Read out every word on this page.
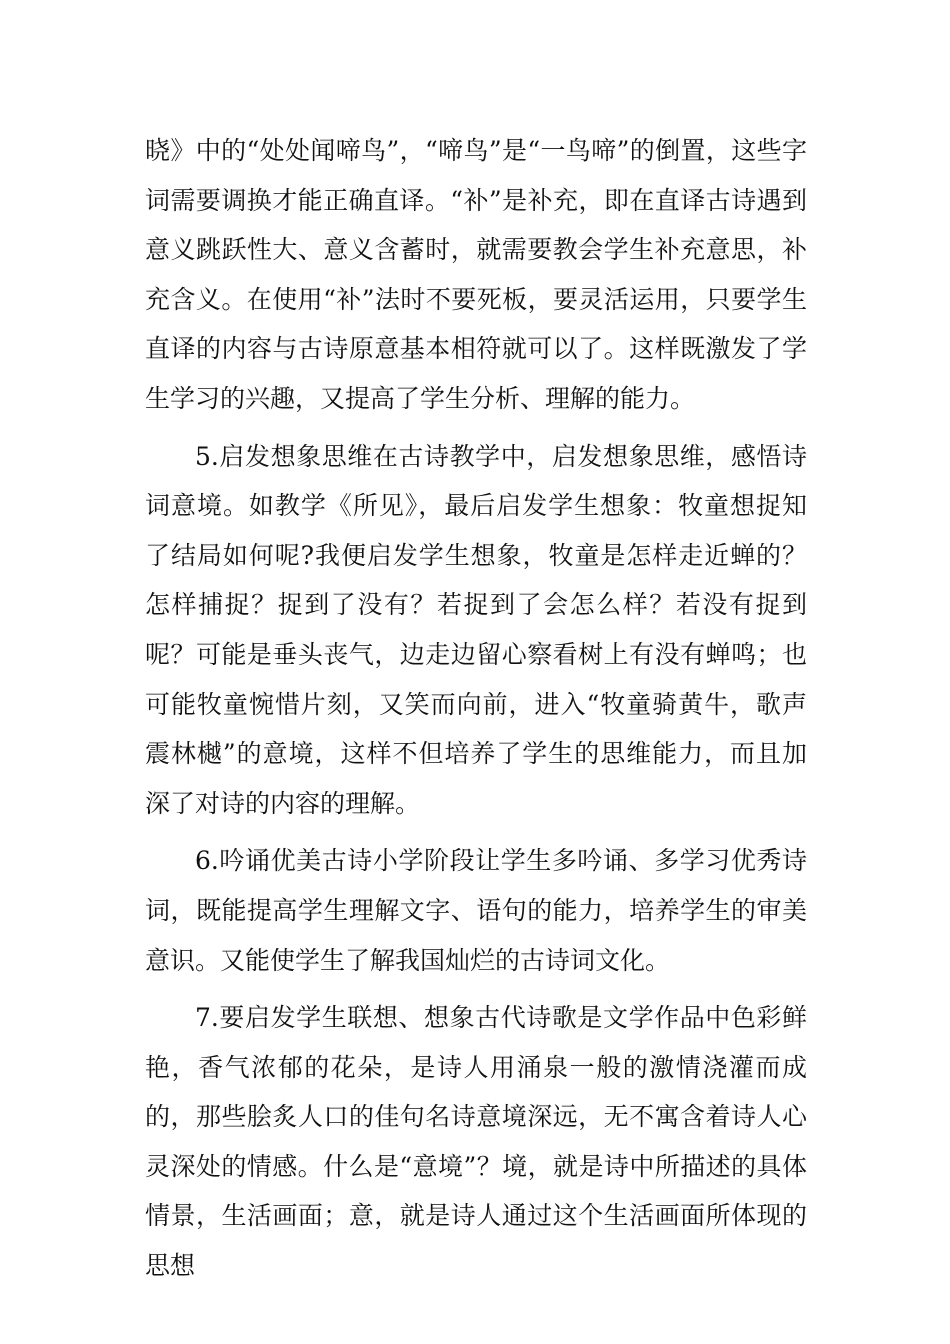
晓》中的“处处闻啼鸟”，“啼鸟”是“一鸟啼”的倒置，这些字词需要调换才能正确直译。“补”是补充，即在直译古诗遇到意义跳跃性大、意义含蓄时，就需要教会学生补充意思，补充含义。在使用“补”法时不要死板，要灵活运用，只要学生直译的内容与古诗原意基本相符就可以了。这样既激发了学生学习的兴趣，又提高了学生分析、理解的能力。

5.启发想象思维在古诗教学中，启发想象思维，感悟诗词意境。如教学《所见》，最后启发学生想象：牧童想捉知了结局如何呢?我便启发学生想象，牧童是怎样走近蝉的？怎样捕捉？捉到了没有？若捉到了会怎么样？若没有捉到呢？可能是垂头丧气，边走边留心察看树上有没有蝉鸣；也可能牧童惋惜片刻，又笑而向前，进入“牧童骑黄牛，歌声震林樾”的意境，这样不但培养了学生的思维能力，而且加深了对诗的内容的理解。

6.吟诵优美古诗小学阶段让学生多吟诵、多学习优秀诗词，既能提高学生理解文字、语句的能力，培养学生的审美意识。又能使学生了解我国灿烂的古诗词文化。

7.要启发学生联想、想象古代诗歌是文学作品中色彩鲜艳，香气浓郁的花朵，是诗人用涌泉一般的激情浇灌而成的，那些脍炙人口的佳句名诗意境深远，无不寓含着诗人心灵深处的情感。什么是“意境”？境，就是诗中所描述的具体情景，生活画面；意，就是诗人通过这个生活画面所体现的思想
